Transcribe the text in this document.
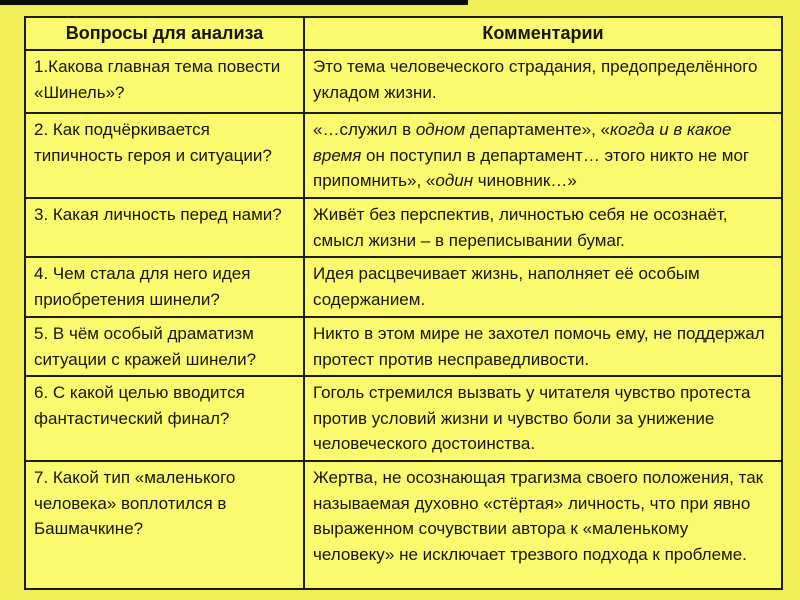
Вопросы для анализа	Комментарии
1.Какова главная тема повести «Шинель»?	Это тема человеческого страдания, предопределённого укладом жизни.
2. Как подчёркивается типичность героя и ситуации?	«…служил в одном департаменте», «когда и в какое время он поступил в департамент… этого никто не мог припомнить», «один чиновник…»
3. Какая личность перед нами?	Живёт без перспектив, личностью себя не осознаёт, смысл жизни – в переписывании бумаг.
4. Чем стала для него идея приобретения шинели?	Идея расцвечивает жизнь, наполняет её особым содержанием.
5. В чём особый драматизм ситуации с кражей шинели?	Никто в этом мире не захотел помочь ему, не поддержал протест против несправедливости.
6. С какой целью вводится фантастический финал?	Гоголь стремился вызвать у читателя чувство протеста против условий жизни и чувство боли за унижение человеческого достоинства.
7. Какой тип «маленького человека» воплотился в Башмачкине?	Жертва, не осознающая трагизма своего положения, так называемая духовно «стёртая» личность, что при явно выраженном сочувствии автора к «маленькому человеку» не исключает трезвого подхода к проблеме.
